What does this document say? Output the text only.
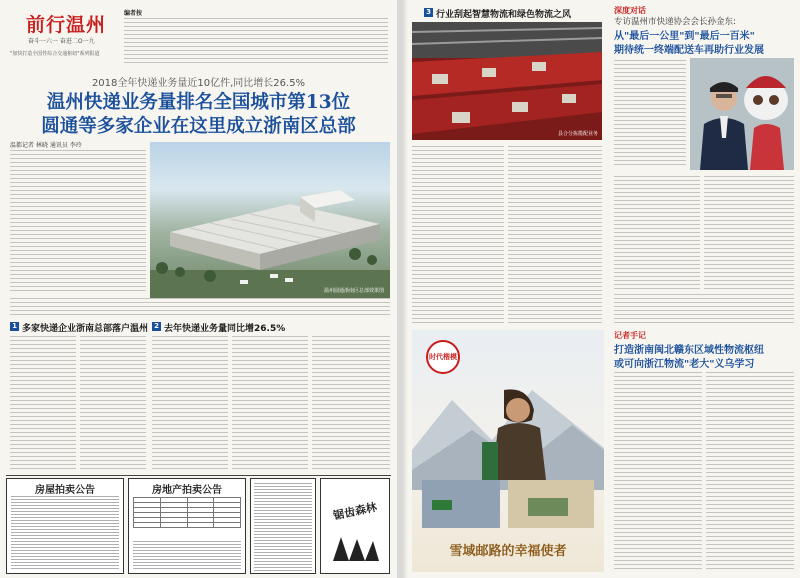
前行温州
奋斗一六一 奋进二O一九
"加快打造全国性综合交通枢纽"系列报道
编者按
2018全年快递业务量近10亿件,同比增长26.5%
温州快递业务量排名全国城市第13位
圆通等多家企业在这里成立浙南区总部
温都记者 林晓 通讯员 李玲
温州圆通浙南区总部效果图
1 多家快递企业浙南总部落户温州 2 去年快递业务量同比增26.5%
房屋拍卖公告	房地产拍卖公告

锯齿森林
3 行业刮起智慧物流和绿色物流之风
县合分拣揽配业务
深度对话
专访温州市快递协会会长孙金东:
从"最后一公里"到"最后一百米"
期待统一终端配送车再助行业发展
记者手记
打造浙南闽北赣东区域性物流枢纽
或可向浙江物流"老大"义乌学习
时代楷模
雪域邮路的幸福使者
